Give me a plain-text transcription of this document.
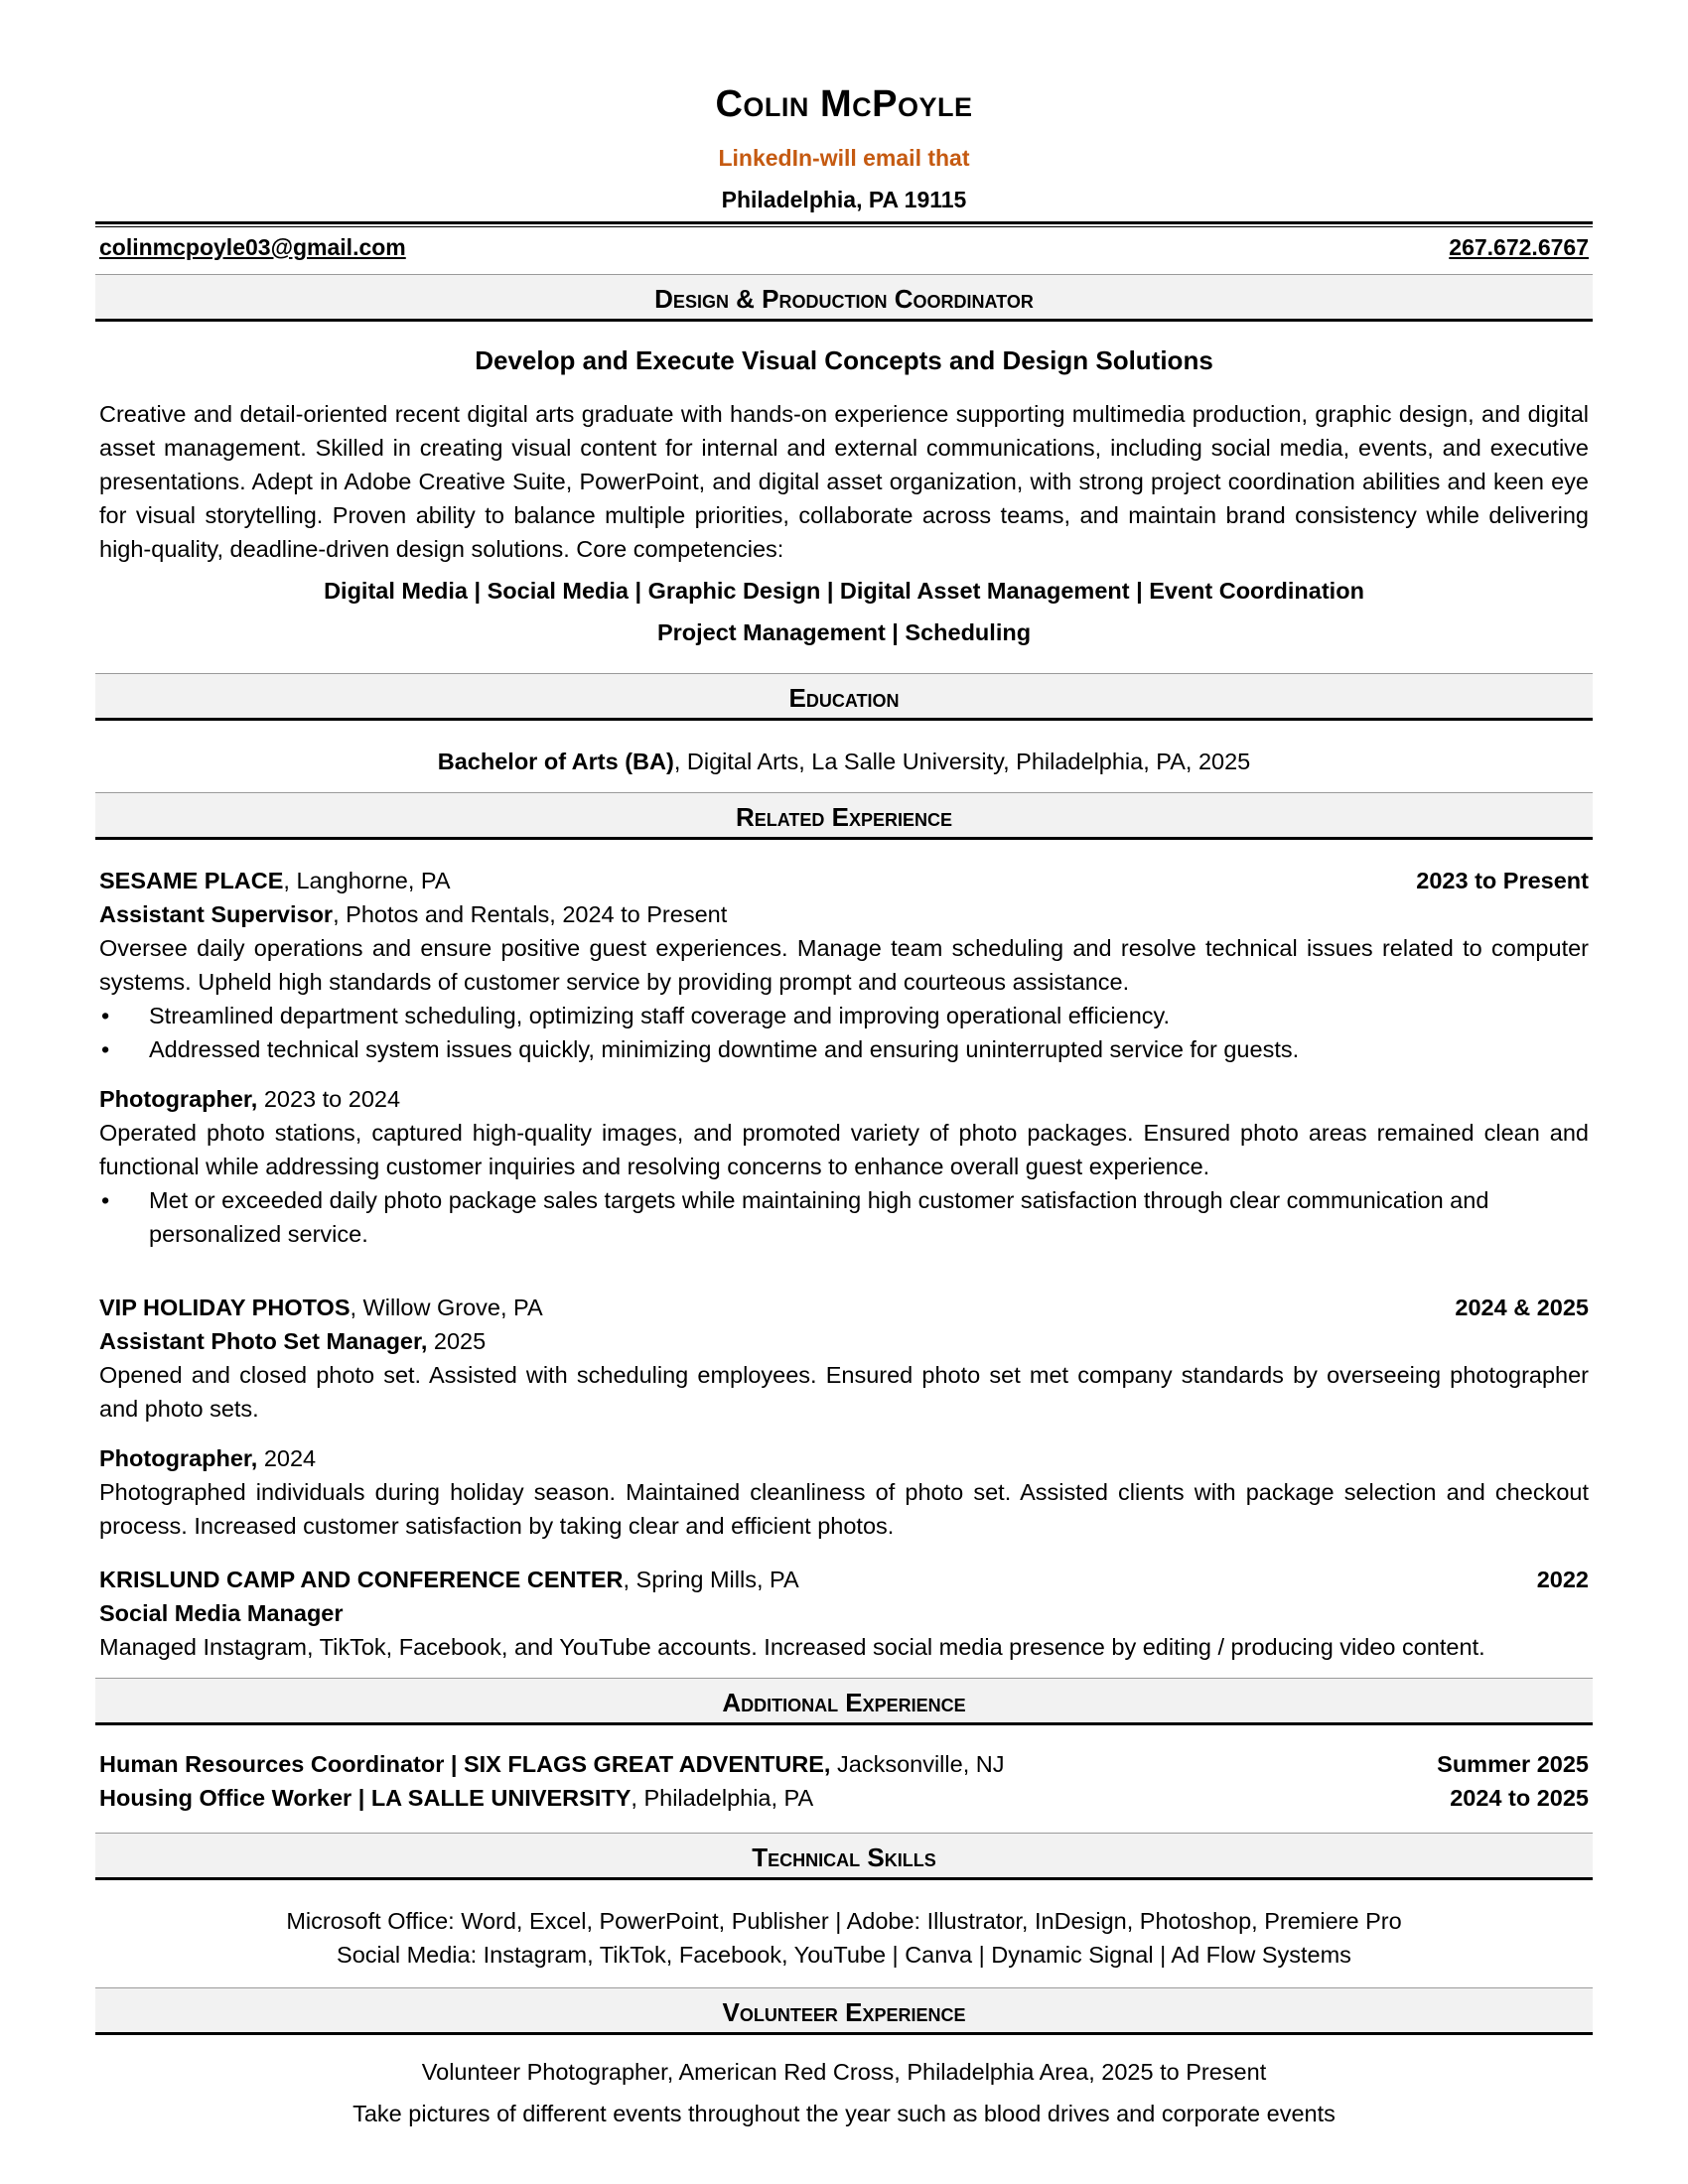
Colin McPoyle
LinkedIn-will email that
Philadelphia, PA 19115
colinmcpoyle03@gmail.com	267.672.6767
Design & Production Coordinator
Develop and Execute Visual Concepts and Design Solutions
Creative and detail-oriented recent digital arts graduate with hands-on experience supporting multimedia production, graphic design, and digital asset management. Skilled in creating visual content for internal and external communications, including social media, events, and executive presentations. Adept in Adobe Creative Suite, PowerPoint, and digital asset organization, with strong project coordination abilities and keen eye for visual storytelling. Proven ability to balance multiple priorities, collaborate across teams, and maintain brand consistency while delivering high-quality, deadline-driven design solutions. Core competencies:
Digital Media | Social Media | Graphic Design | Digital Asset Management | Event Coordination
Project Management | Scheduling
Education
Bachelor of Arts (BA), Digital Arts, La Salle University, Philadelphia, PA, 2025
Related Experience
SESAME PLACE, Langhorne, PA	2023 to Present
Assistant Supervisor, Photos and Rentals, 2024 to Present
Oversee daily operations and ensure positive guest experiences. Manage team scheduling and resolve technical issues related to computer systems. Upheld high standards of customer service by providing prompt and courteous assistance.
• Streamlined department scheduling, optimizing staff coverage and improving operational efficiency.
• Addressed technical system issues quickly, minimizing downtime and ensuring uninterrupted service for guests.
Photographer, 2023 to 2024
Operated photo stations, captured high-quality images, and promoted variety of photo packages. Ensured photo areas remained clean and functional while addressing customer inquiries and resolving concerns to enhance overall guest experience.
• Met or exceeded daily photo package sales targets while maintaining high customer satisfaction through clear communication and personalized service.
VIP HOLIDAY PHOTOS, Willow Grove, PA	2024 & 2025
Assistant Photo Set Manager, 2025
Opened and closed photo set. Assisted with scheduling employees. Ensured photo set met company standards by overseeing photographer and photo sets.
Photographer, 2024
Photographed individuals during holiday season. Maintained cleanliness of photo set. Assisted clients with package selection and checkout process. Increased customer satisfaction by taking clear and efficient photos.
KRISLUND CAMP AND CONFERENCE CENTER, Spring Mills, PA	2022
Social Media Manager
Managed Instagram, TikTok, Facebook, and YouTube accounts. Increased social media presence by editing / producing video content.
Additional Experience
Human Resources Coordinator | SIX FLAGS GREAT ADVENTURE, Jacksonville, NJ	Summer 2025
Housing Office Worker | LA SALLE UNIVERSITY, Philadelphia, PA	2024 to 2025
Technical Skills
Microsoft Office: Word, Excel, PowerPoint, Publisher | Adobe: Illustrator, InDesign, Photoshop, Premiere Pro
Social Media: Instagram, TikTok, Facebook, YouTube | Canva | Dynamic Signal | Ad Flow Systems
Volunteer Experience
Volunteer Photographer, American Red Cross, Philadelphia Area, 2025 to Present
Take pictures of different events throughout the year such as blood drives and corporate events
